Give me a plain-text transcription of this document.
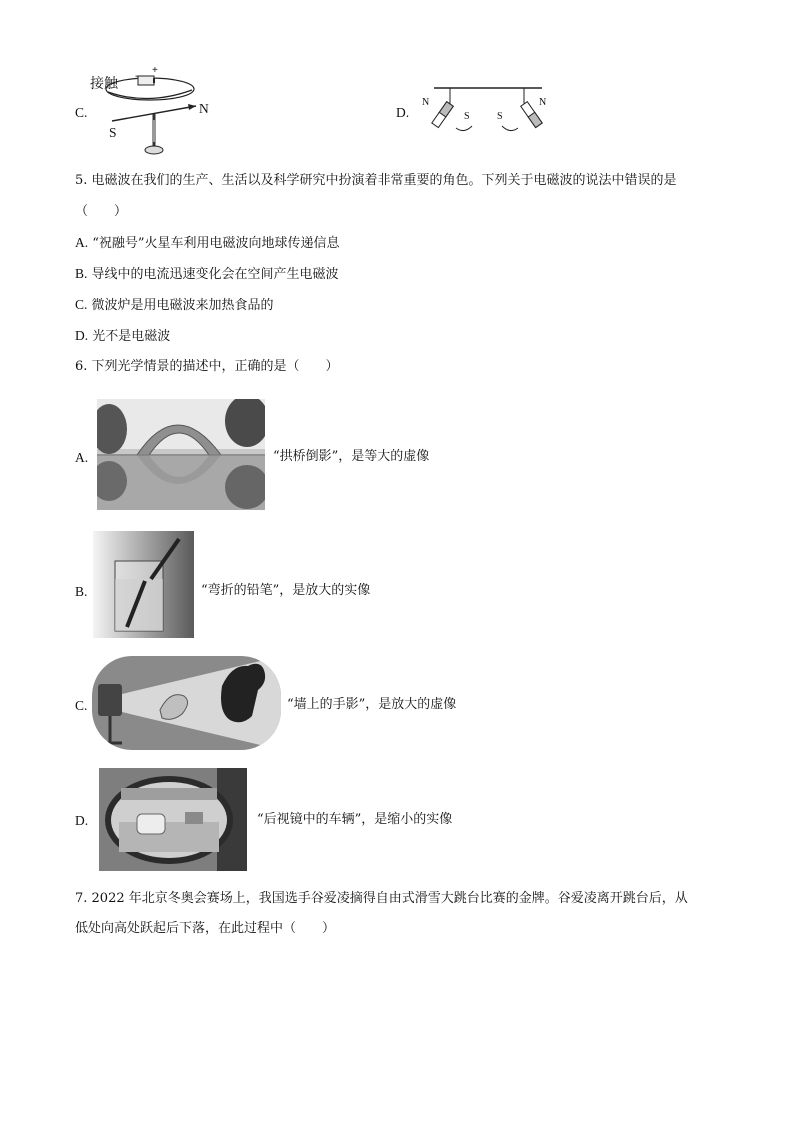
C.
接触
+
-
N
S
D.
N
S	S
N
5. 电磁波在我们的生产、生活以及科学研究中扮演着非常重要的角色。下列关于电磁波的说法中错误的是
（　　）
A. “祝融号”火星车利用电磁波向地球传递信息
B. 导线中的电流迅速变化会在空间产生电磁波
C. 微波炉是用电磁波来加热食品的
D. 光不是电磁波
6. 下列光学情景的描述中，正确的是（　　）
A.	“拱桥倒影”，是等大的虚像
B.	“弯折的铅笔”，是放大的实像
C.	“墙上的手影”，是放大的虚像
D.	“后视镜中的车辆”，是缩小的实像
7. 2022 年北京冬奥会赛场上，我国选手谷爱凌摘得自由式滑雪大跳台比赛的金牌。谷爱凌离开跳台后，从
低处向高处跃起后下落，在此过程中（　　）
